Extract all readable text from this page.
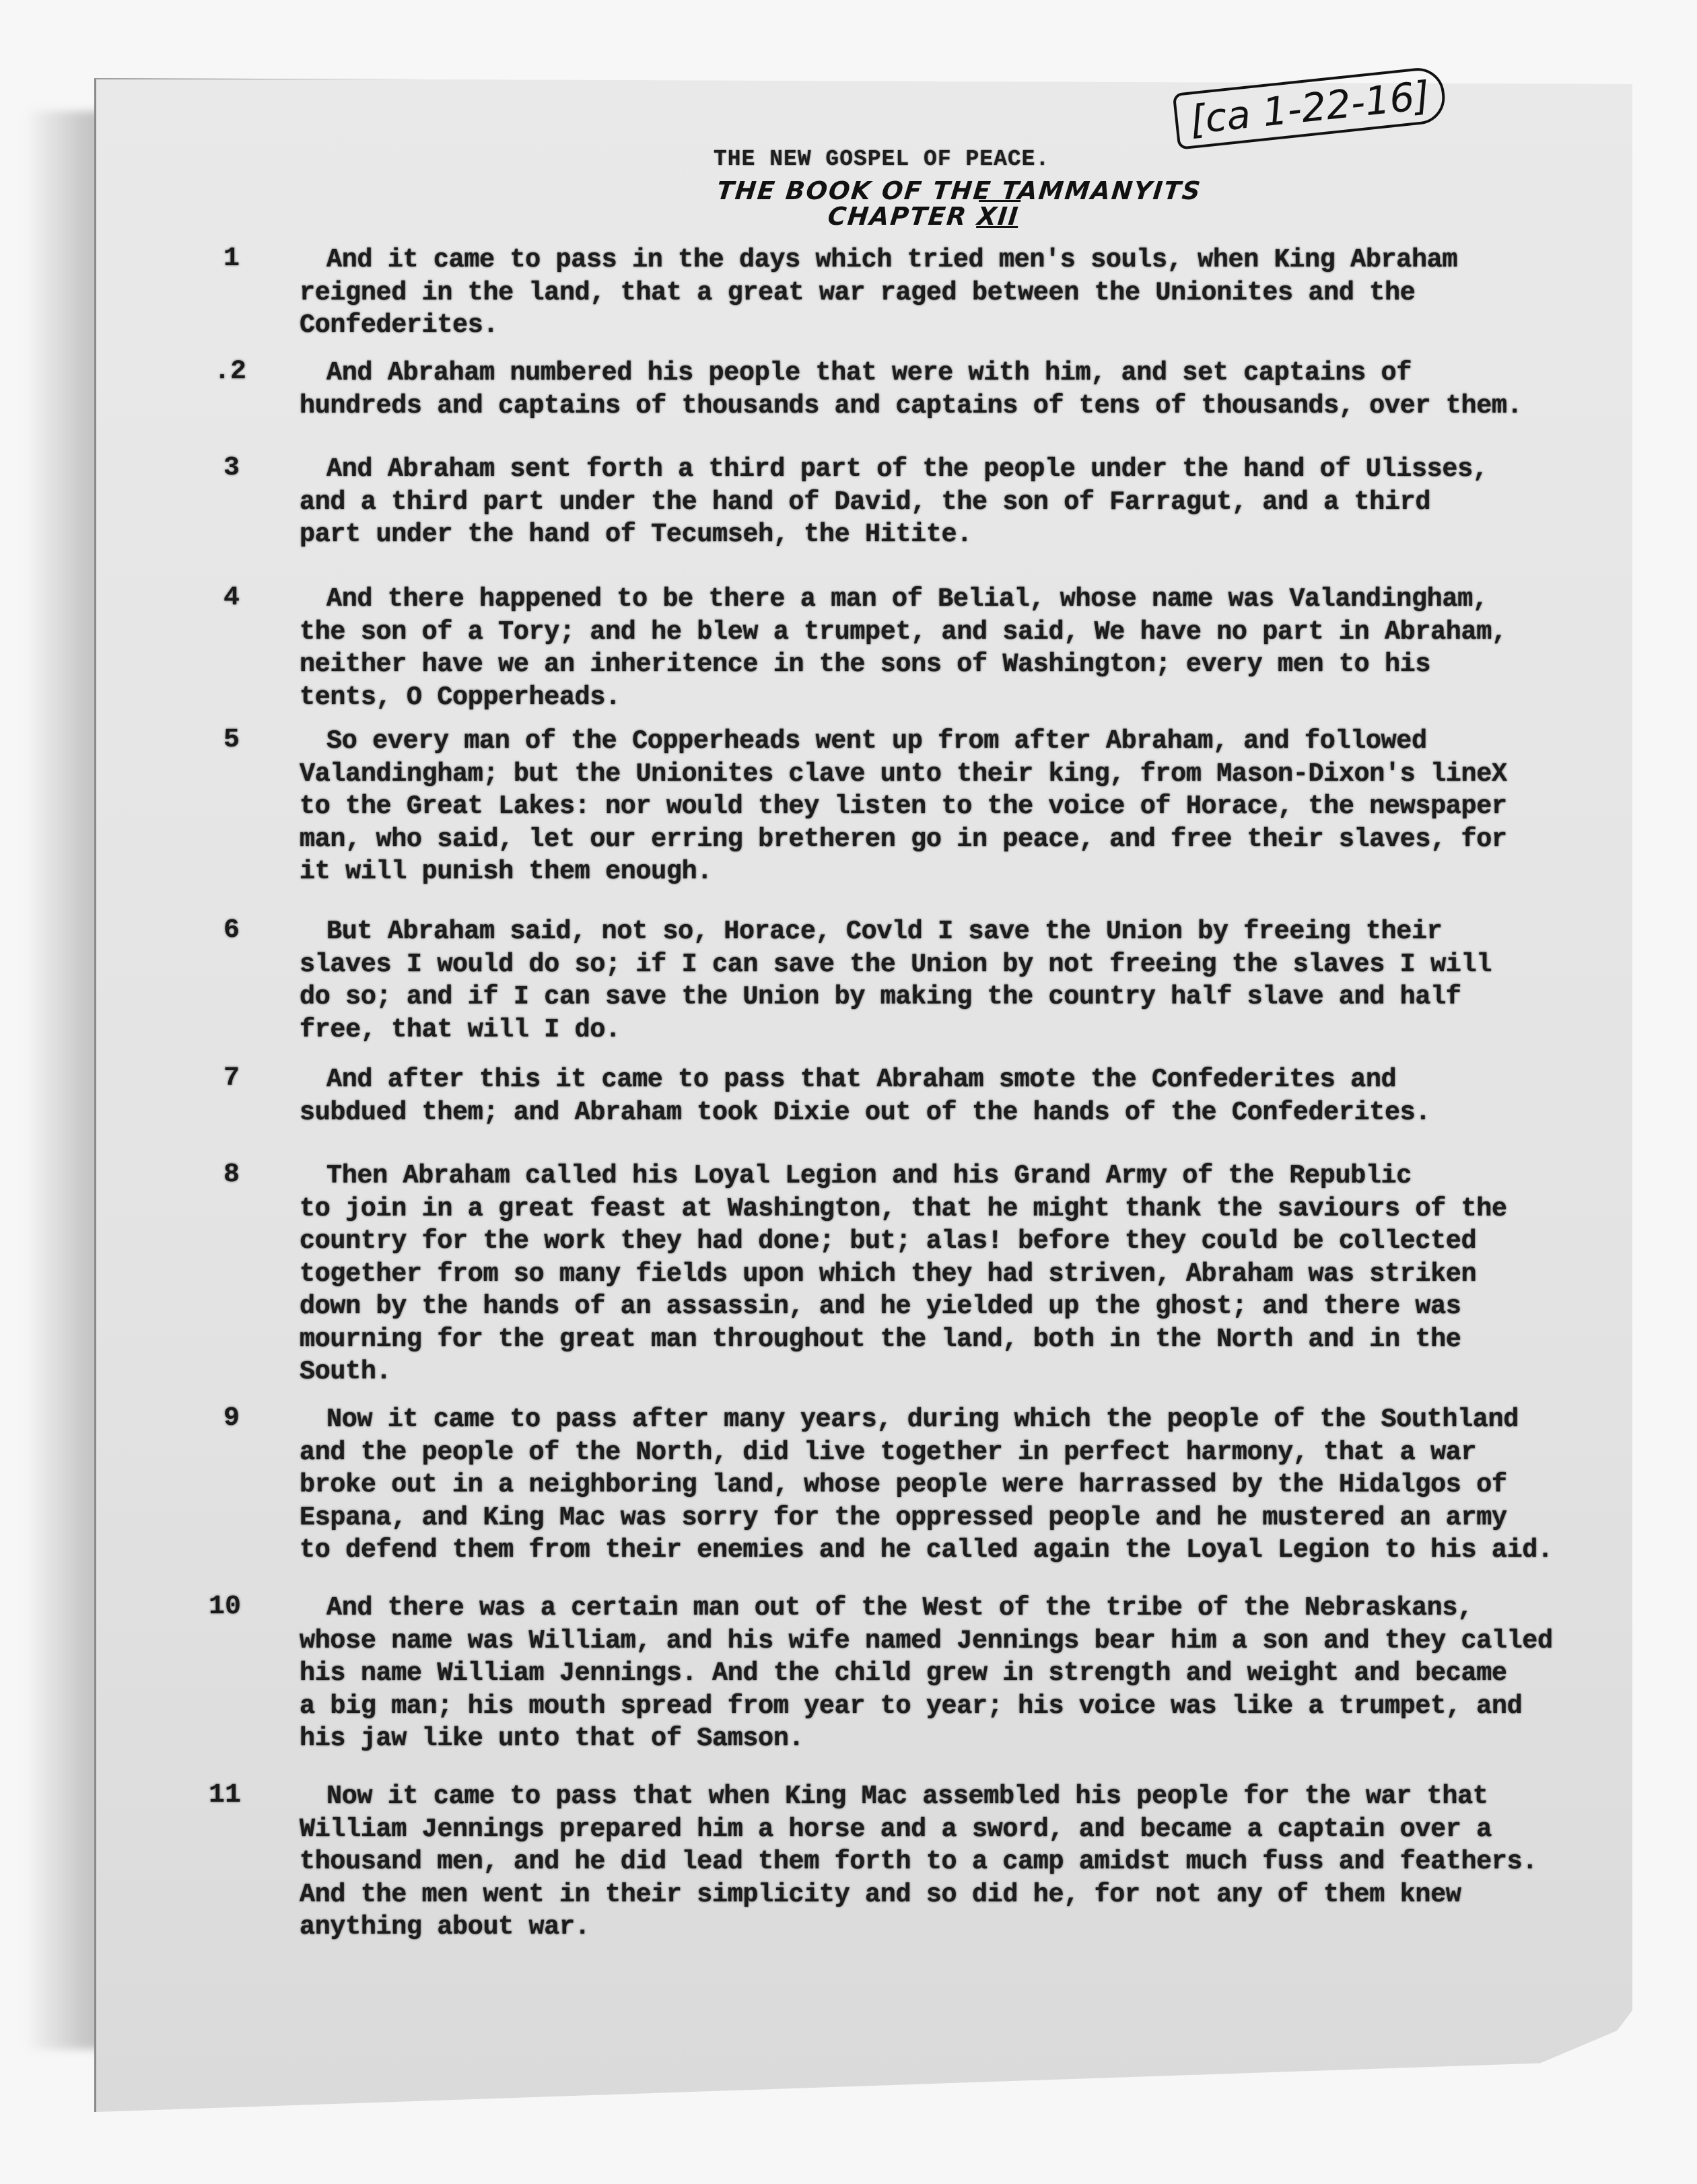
THE NEW GOSPEL OF PEACE.
THE BOOK OF THE TAMMANYITS
CHAPTER XII
[ca 1-22-16]
1	And it came to pass in the days which tried men's souls, when King Abraham
reigned in the land, that a great war raged between the Unionites and the
Confederites.
.2	And Abraham numbered his people that were with him, and set captains of
hundreds and captains of thousands and captains of tens of thousands, over them.
3	And Abraham sent forth a third part of the people under the hand of Ulisses,
and a third part under the hand of David, the son of Farragut, and a third
part under the hand of Tecumseh, the Hitite.
4	And there happened to be there a man of Belial, whose name was Valandingham,
the son of a Tory; and he blew a trumpet, and said, We have no part in Abraham,
neither have we an inheritence in the sons of Washington; every men to his
tents, O Copperheads.
5	So every man of the Copperheads went up from after Abraham, and followed
Valandingham; but the Unionites clave unto their king, from Mason-Dixon's lineX
to the Great Lakes: nor would they listen to the voice of Horace, the newspaper
man, who said, let our erring bretheren go in peace, and free their slaves, for
it will punish them enough.
6	But Abraham said, not so, Horace, Covld I save the Union by freeing their
slaves I would do so; if I can save the Union by not freeing the slaves I will
do so; and if I can save the Union by making the country half slave and half
free, that will I do.
7	And after this it came to pass that Abraham smote the Confederites and
subdued them; and Abraham took Dixie out of the hands of the Confederites.
8	Then Abraham called his Loyal Legion and his Grand Army of the Republic
to join in a great feast at Washington, that he might thank the saviours of the
country for the work they had done; but; alas! before they could be collected
together from so many fields upon which they had striven, Abraham was striken
down by the hands of an assassin, and he yielded up the ghost; and there was
mourning for the great man throughout the land, both in the North and in the
South.
9	Now it came to pass after many years, during which the people of the Southland
and the people of the North, did live together in perfect harmony, that a war
broke out in a neighboring land, whose people were harrassed by the Hidalgos of
Espana, and King Mac was sorry for the oppressed people and he mustered an army
to defend them from their enemies and he called again the Loyal Legion to his aid.
10	And there was a certain man out of the West of the tribe of the Nebraskans,
whose name was William, and his wife named Jennings bear him a son and they called
his name William Jennings. And the child grew in strength and weight and became
a big man; his mouth spread from year to year; his voice was like a trumpet, and
his jaw like unto that of Samson.
11	Now it came to pass that when King Mac assembled his people for the war that
William Jennings prepared him a horse and a sword, and became a captain over a
thousand men, and he did lead them forth to a camp amidst much fuss and feathers.
And the men went in their simplicity and so did he, for not any of them knew
anything about war.
